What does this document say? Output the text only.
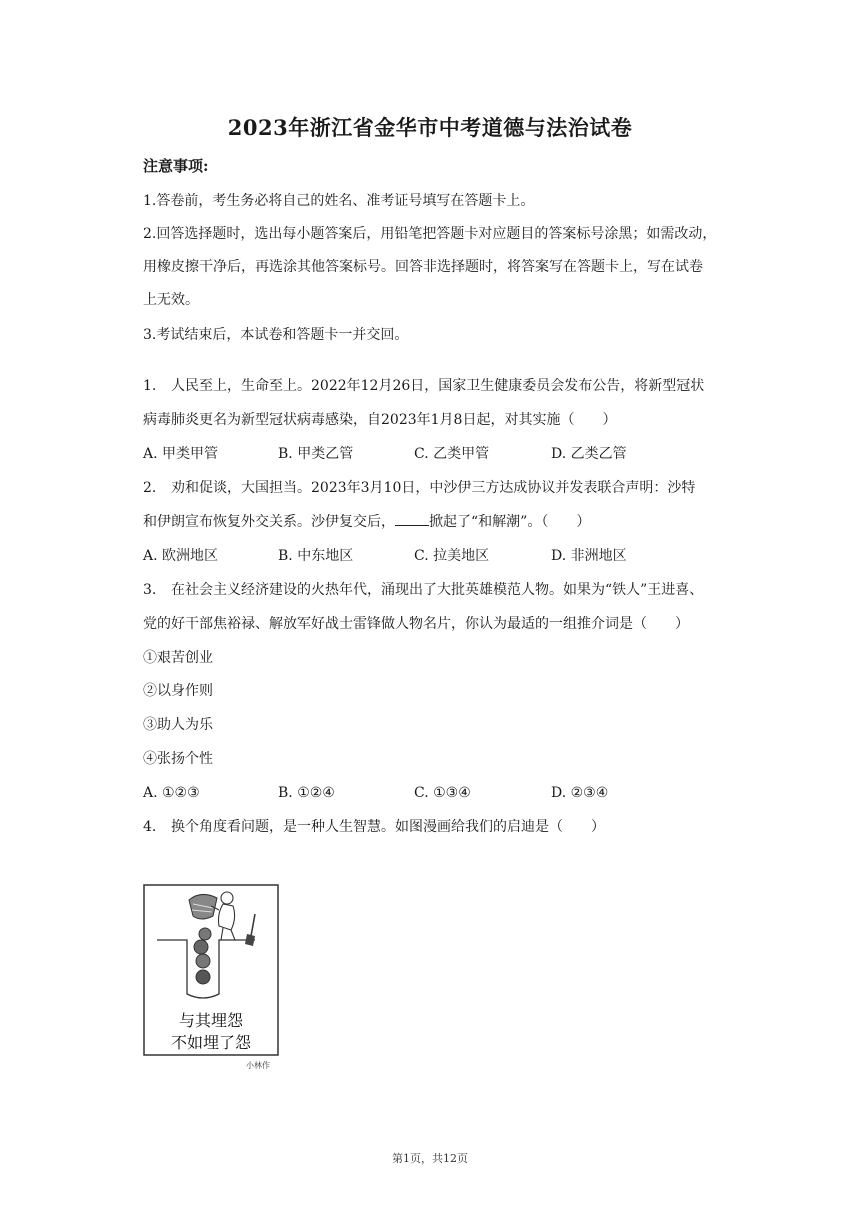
2023年浙江省金华市中考道德与法治试卷
注意事项:
1.答卷前，考生务必将自己的姓名、准考证号填写在答题卡上。
2.回答选择题时，选出每小题答案后，用铅笔把答题卡对应题目的答案标号涂黑；如需改动，
用橡皮擦干净后，再选涂其他答案标号。回答非选择题时，将答案写在答题卡上，写在试卷
上无效。
3.考试结束后，本试卷和答题卡一并交回。
1. 人民至上，生命至上。2022年12月26日，国家卫生健康委员会发布公告，将新型冠状
病毒肺炎更名为新型冠状病毒感染，自2023年1月8日起，对其实施（　　）
A. 甲类甲管	B. 甲类乙管	C. 乙类甲管	D. 乙类乙管
2. 劝和促谈，大国担当。2023年3月10日，中沙伊三方达成协议并发表联合声明：沙特
和伊朗宣布恢复外交关系。沙伊复交后， 掀起了“和解潮”。（　　）
A. 欧洲地区	B. 中东地区	C. 拉美地区	D. 非洲地区
3. 在社会主义经济建设的火热年代，涌现出了大批英雄模范人物。如果为“铁人”王进喜、
党的好干部焦裕禄、解放军好战士雷锋做人物名片，你认为最适的一组推介词是（　　）
①艰苦创业
②以身作则
③助人为乐
④张扬个性
A. ①②③	B. ①②④	C. ①③④	D. ②③④
4. 换个角度看问题，是一种人生智慧。如图漫画给我们的启迪是（　　）
与其埋怨
不如埋了怨
小林作
第1页，共12页
